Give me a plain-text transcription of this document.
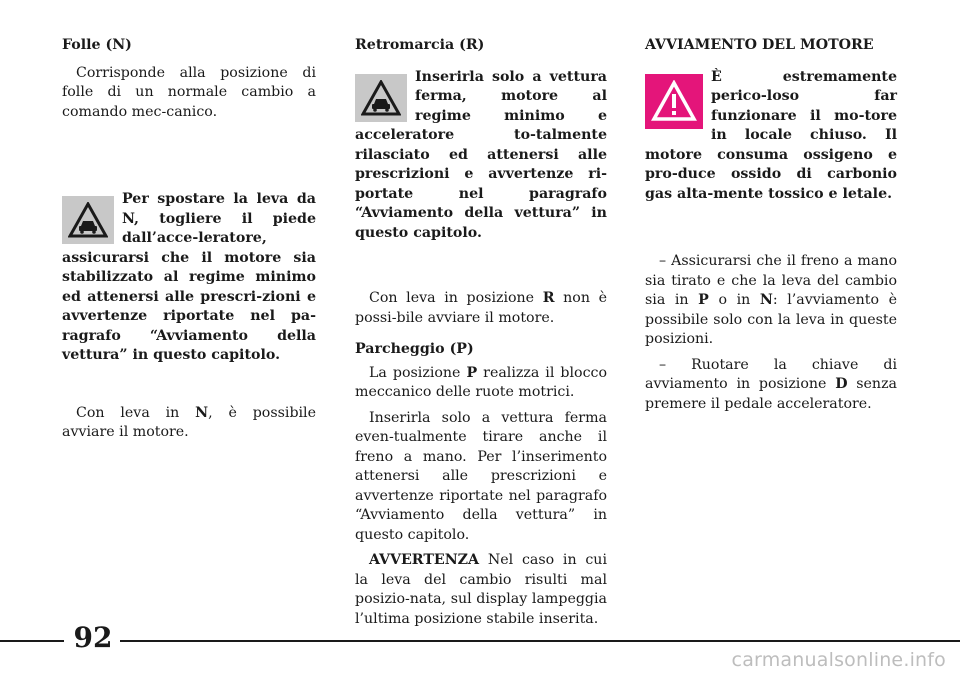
Folle (N)
Corrisponde alla posizione di folle di un normale cambio a comando mec-canico.
Per spostare la leva da N, togliere il piede dall’acce-leratore, assicurarsi che il motore sia stabilizzato al regime minimo ed attenersi alle prescri-zioni e avvertenze riportate nel pa-ragrafo “Avviamento della vettura” in questo capitolo.
Con leva in N, è possibile avviare il motore.
Retromarcia (R)
Inserirla solo a vettura ferma, motore al regime minimo e acceleratore to-talmente rilasciato ed attenersi alle prescrizioni e avvertenze ri-portate nel paragrafo “Avviamento della vettura” in questo capitolo.
Con leva in posizione R non è possi-bile avviare il motore.
Parcheggio (P)
La posizione P realizza il blocco meccanico delle ruote motrici.
Inserirla solo a vettura ferma even-tualmente tirare anche il freno a mano. Per l’inserimento attenersi alle prescrizioni e avvertenze riportate nel paragrafo “Avviamento della vettura” in questo capitolo.
AVVERTENZA Nel caso in cui la leva del cambio risulti mal posizio-nata, sul display lampeggia l’ultima posizione stabile inserita.
AVVIAMENTO DEL MOTORE
È estremamente perico-loso far funzionare il mo-tore in locale chiuso. Il motore consuma ossigeno e pro-duce ossido di carbonio gas alta-mente tossico e letale.
– Assicurarsi che il freno a mano sia tirato e che la leva del cambio sia in P o in N: l’avviamento è possibile solo con la leva in queste posizioni.
– Ruotare la chiave di avviamento in posizione D senza premere il pedale acceleratore.
92
carmanualsonline.info
